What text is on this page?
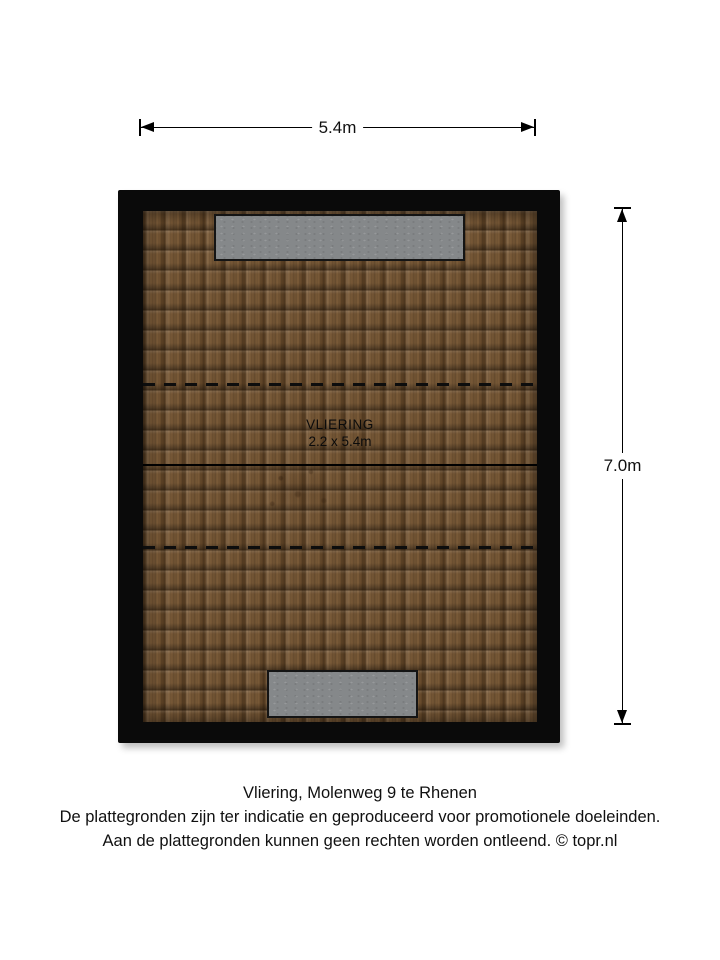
5.4m
7.0m
VLIERING
2.2 x 5.4m
Vliering, Molenweg 9 te Rhenen
De plattegronden zijn ter indicatie en geproduceerd voor promotionele doeleinden.
Aan de plattegronden kunnen geen rechten worden ontleend. © topr.nl
